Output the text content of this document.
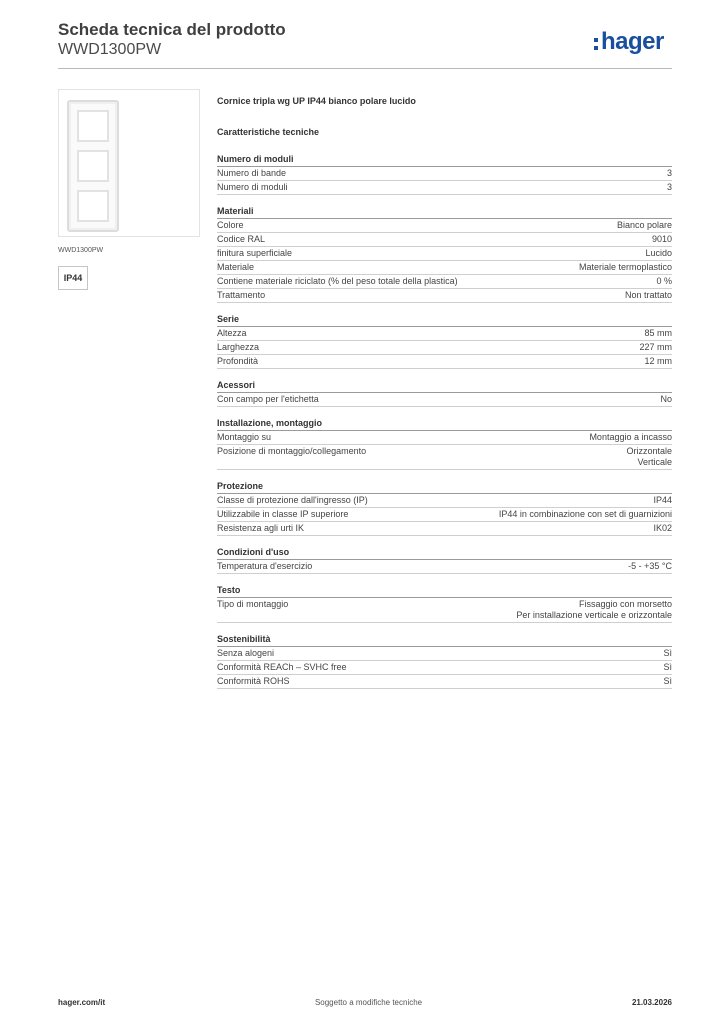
Scheda tecnica del prodotto
WWD1300PW	hager
WWD1300PW
IP44
Cornice tripla wg UP IP44 bianco polare lucido
Caratteristiche tecniche
Numero di moduli
Numero di bande	3
Numero di moduli	3
Materiali
Colore	Bianco polare
Codice RAL	9010
finitura superficiale	Lucido
Materiale	Materiale termoplastico
Contiene materiale riciclato (% del peso totale della plastica)	0 %
Trattamento	Non trattato
Serie
Altezza	85 mm
Larghezza	227 mm
Profondità	12 mm
Acessori
Con campo per l'etichetta	No
Installazione, montaggio
Montaggio su	Montaggio a incasso
Posizione di montaggio/collegamento	Orizzontale
Verticale
Protezione
Classe di protezione dall'ingresso (IP)	IP44
Utilizzabile in classe IP superiore	IP44 in combinazione con set di guarnizioni
Resistenza agli urti IK	IK02
Condizioni d'uso
Temperatura d'esercizio	-5 - +35 °C
Testo
Tipo di montaggio	Fissaggio con morsetto
Per installazione verticale e orizzontale
Sostenibilità
Senza alogeni	Sì
Conformità REACh – SVHC free	Sì
Conformità ROHS	Sì
hager.com/it	Soggetto a modifiche tecniche	21.03.2026
